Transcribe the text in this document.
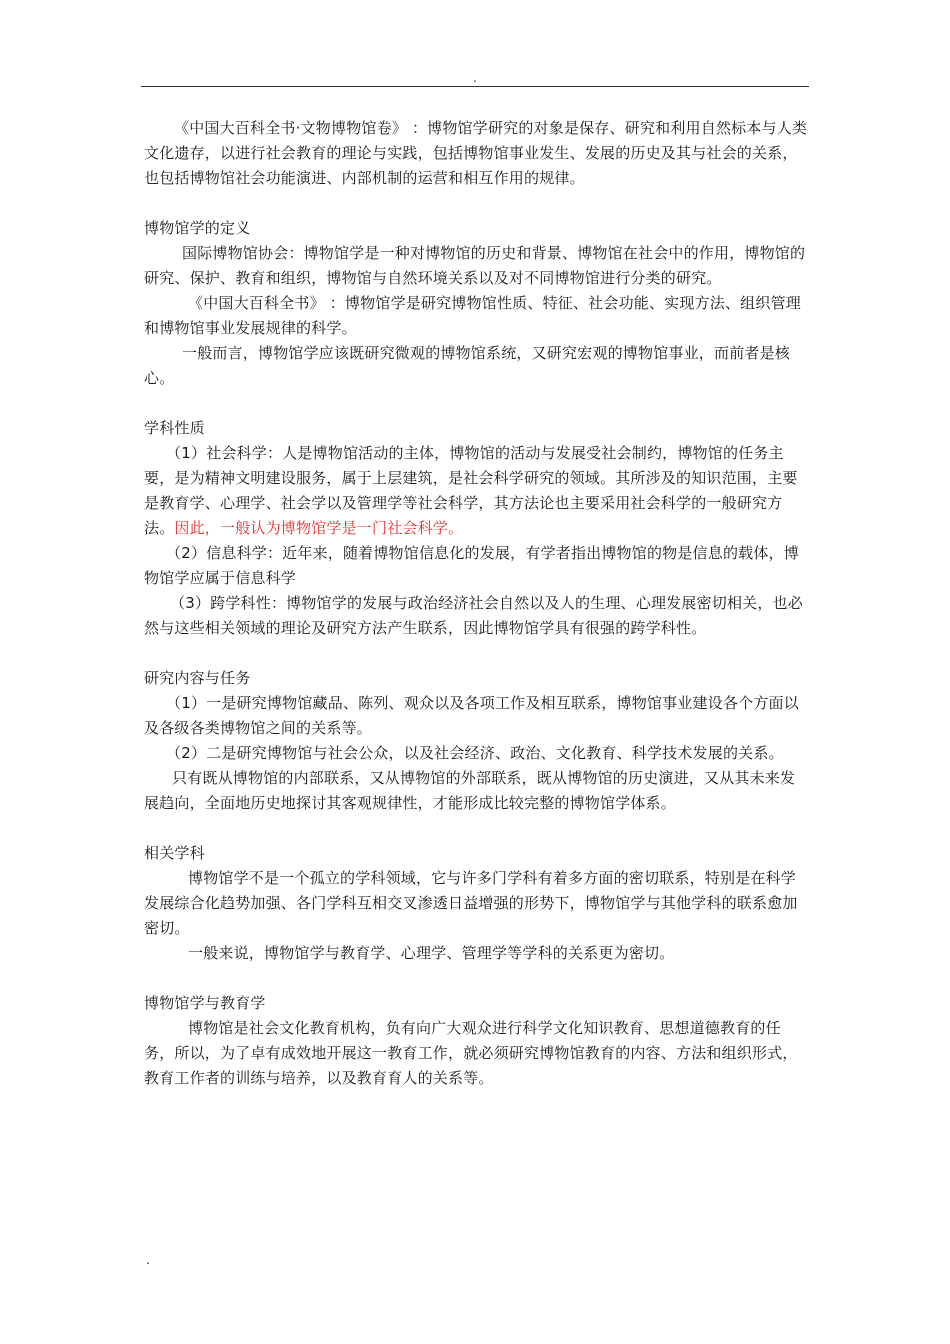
.

《中国大百科全书·文物博物馆卷》 ：博物馆学研究的对象是保存、研究和利用自然标本与人类文化遗存，以进行社会教育的理论与实践，包括博物馆事业发生、发展的历史及其与社会的关系，也包括博物馆社会功能演进、内部机制的运营和相互作用的规律。

博物馆学的定义

国际博物馆协会：博物馆学是一种对博物馆的历史和背景、博物馆在社会中的作用，博物馆的研究、保护、教育和组织，博物馆与自然环境关系以及对不同博物馆进行分类的研究。

《中国大百科全书》 ：博物馆学是研究博物馆性质、特征、社会功能、实现方法、组织管理和博物馆事业发展规律的科学。

一般而言，博物馆学应该既研究微观的博物馆系统，又研究宏观的博物馆事业，而前者是核心。

学科性质

（1）社会科学：人是博物馆活动的主体，博物馆的活动与发展受社会制约，博物馆的任务主要，是为精神文明建设服务，属于上层建筑，是社会科学研究的领域。其所涉及的知识范围，主要是教育学、心理学、社会学以及管理学等社会科学，其方法论也主要采用社会科学的一般研究方法。因此，一般认为博物馆学是一门社会科学。

（2）信息科学：近年来，随着博物馆信息化的发展，有学者指出博物馆的物是信息的载体，博物馆学应属于信息科学

（3）跨学科性：博物馆学的发展与政治经济社会自然以及人的生理、心理发展密切相关，也必然与这些相关领域的理论及研究方法产生联系，因此博物馆学具有很强的跨学科性。

研究内容与任务

（1）一是研究博物馆藏品、陈列、观众以及各项工作及相互联系，博物馆事业建设各个方面以及各级各类博物馆之间的关系等。

（2）二是研究博物馆与社会公众，以及社会经济、政治、文化教育、科学技术发展的关系。

只有既从博物馆的内部联系，又从博物馆的外部联系，既从博物馆的历史演进，又从其未来发展趋向，全面地历史地探讨其客观规律性，才能形成比较完整的博物馆学体系。

相关学科

博物馆学不是一个孤立的学科领域，它与许多门学科有着多方面的密切联系，特别是在科学发展综合化趋势加强、各门学科互相交叉渗透日益增强的形势下，博物馆学与其他学科的联系愈加密切。

一般来说，博物馆学与教育学、心理学、管理学等学科的关系更为密切。

博物馆学与教育学

博物馆是社会文化教育机构，负有向广大观众进行科学文化知识教育、思想道德教育的任务，所以，为了卓有成效地开展这一教育工作，就必须研究博物馆教育的内容、方法和组织形式，教育工作者的训练与培养，以及教育育人的关系等。

.
